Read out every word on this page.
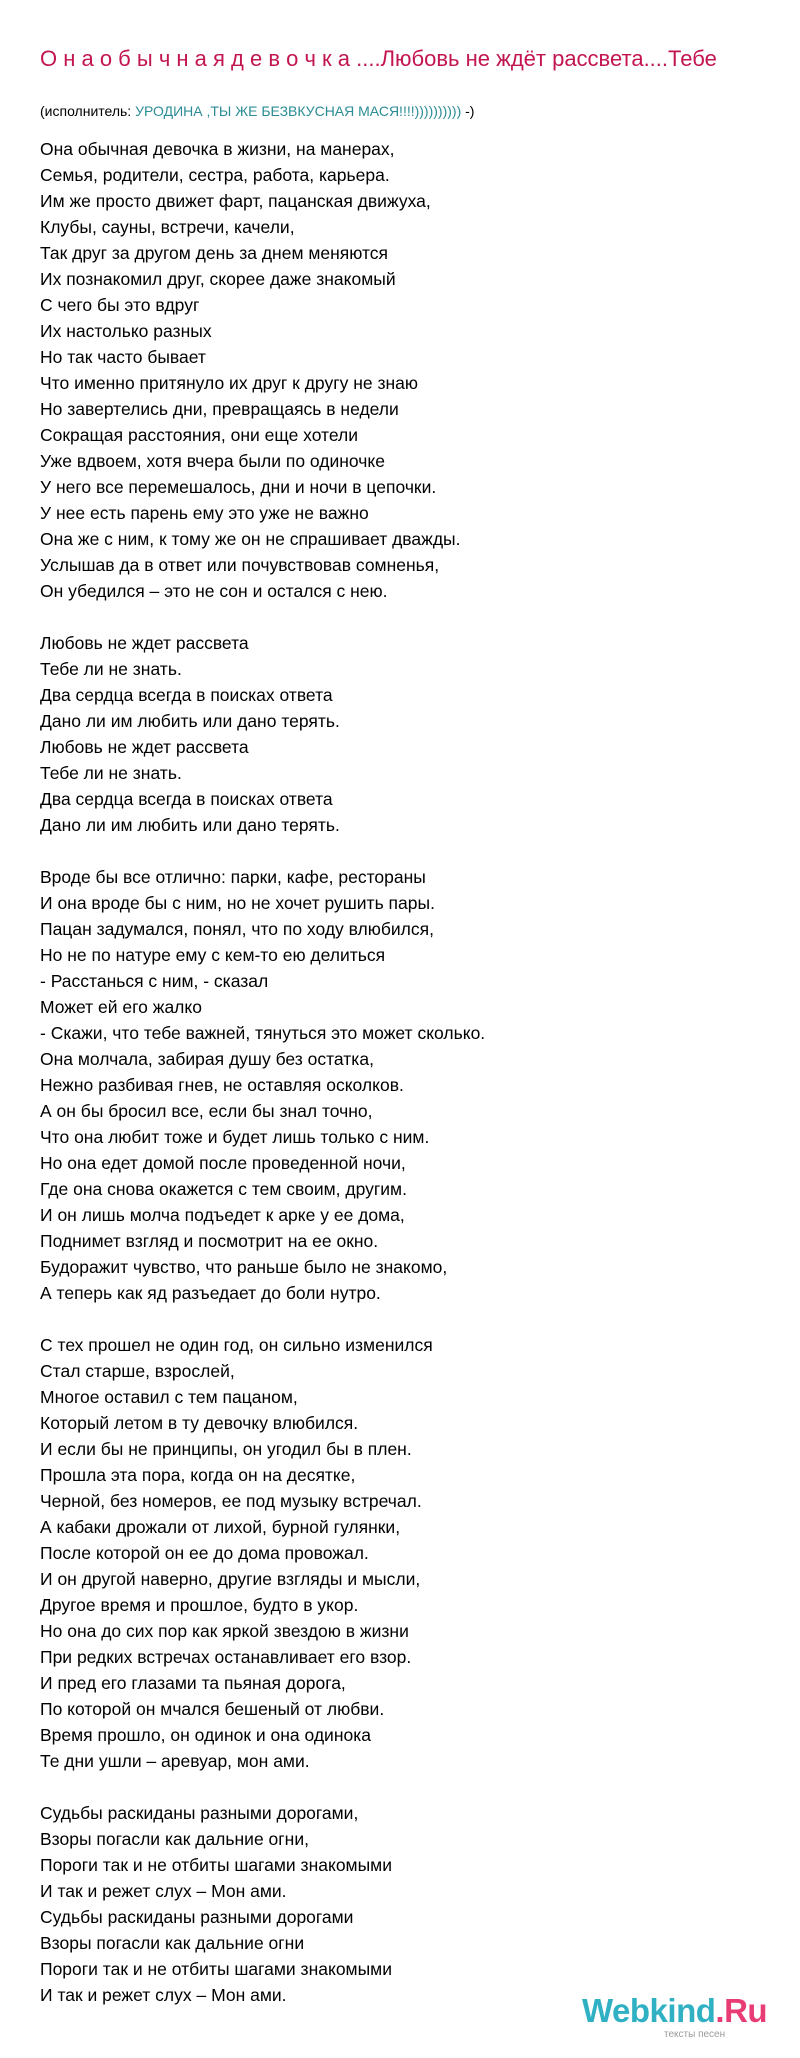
О н а о б ы ч н а я д е в о ч к а ....Любовь не ждёт рассвета....Тебе

(исполнитель: УРОДИНА ,ТЫ ЖЕ БЕЗВКУСНАЯ МАСЯ!!!!)))))))))) -)

Она обычная девочка в жизни, на манерах,
Семья, родители, сестра, работа, карьера.
Им же просто движет фарт, пацанская движуха,
Клубы, сауны, встречи, качели,
Так друг за другом день за днем меняются
Их познакомил друг, скорее даже знакомый
С чего бы это вдруг
Их настолько разных
Но так часто бывает
Что именно притянуло их друг к другу не знаю
Но завертелись дни, превращаясь в недели
Сокращая расстояния, они еще хотели
Уже вдвоем, хотя вчера были по одиночке
У него все перемешалось, дни и ночи в цепочки.
У нее есть парень ему это уже не важно
Она же с ним, к тому же он не спрашивает дважды.
Услышав да в ответ или почувствовав сомненья,
Он убедился – это не сон и остался с нею.
Любовь не ждет рассвета
Тебе ли не знать.
Два сердца всегда в поисках ответа
Дано ли им любить или дано терять.
Любовь не ждет рассвета
Тебе ли не знать.
Два сердца всегда в поисках ответа
Дано ли им любить или дано терять.
Вроде бы все отлично: парки, кафе, рестораны
И она вроде бы с ним, но не хочет рушить пары.
Пацан задумался, понял, что по ходу влюбился,
Но не по натуре ему с кем-то ею делиться
- Расстанься с ним, - сказал
Может ей его жалко
- Скажи, что тебе важней, тянуться это может сколько.
Она молчала, забирая душу без остатка,
Нежно разбивая гнев, не оставляя осколков.
А он бы бросил все, если бы знал точно,
Что она любит тоже и будет лишь только с ним.
Но она едет домой после проведенной ночи,
Где она снова окажется с тем своим, другим.
И он лишь молча подъедет к арке у ее дома,
Поднимет взгляд и посмотрит на ее окно.
Будоражит чувство, что раньше было не знакомо,
А теперь как яд разъедает до боли нутро.
С тех прошел не один год, он сильно изменился
Стал старше, взрослей,
Многое оставил с тем пацаном,
Который летом в ту девочку влюбился.
И если бы не принципы, он угодил бы в плен.
Прошла эта пора, когда он на десятке,
Черной, без номеров, ее под музыку встречал.
А кабаки дрожали от лихой, бурной гулянки,
После которой он ее до дома провожал.
И он другой наверно, другие взгляды и мысли,
Другое время и прошлое, будто в укор.
Но она до сих пор как яркой звездою в жизни
При редких встречах останавливает его взор.
И пред его глазами та пьяная дорога,
По которой он мчался бешеный от любви.
Время прошло, он одинок и она одинока
Те дни ушли – аревуар, мон ами.
Судьбы раскиданы разными дорогами,
Взоры погасли как дальние огни,
Пороги так и не отбиты шагами знакомыми
И так и режет слух – Мон ами.
Судьбы раскиданы разными дорогами
Взоры погасли как дальние огни
Пороги так и не отбиты шагами знакомыми
И так и режет слух – Мон ами.	Webkind.Ru
тексты песен
